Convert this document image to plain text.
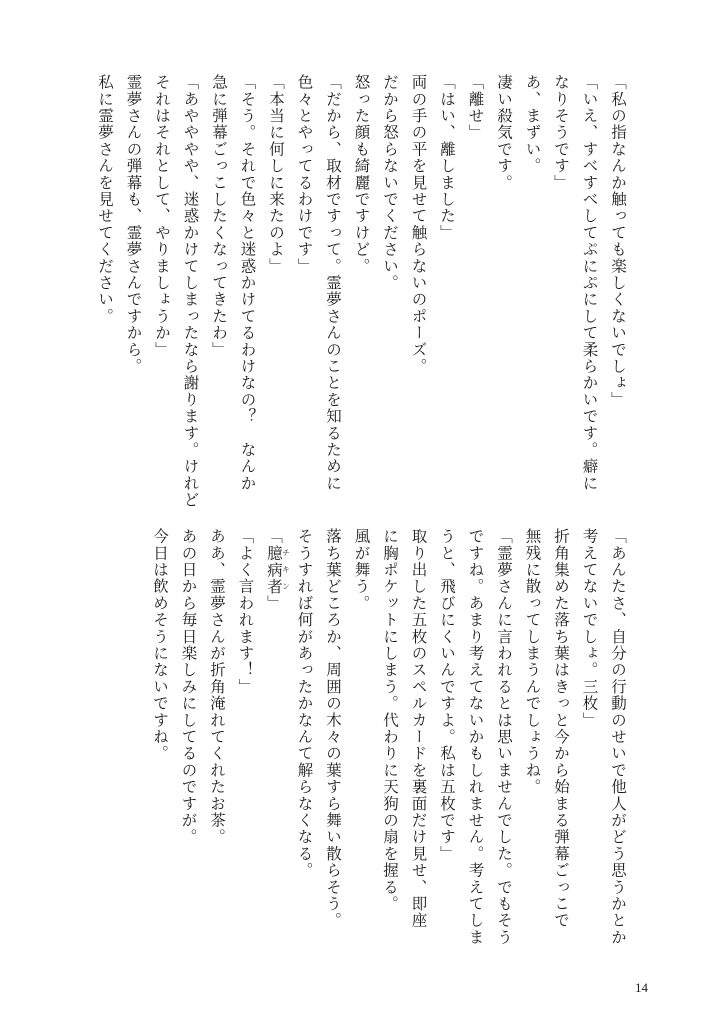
「私の指なんか触っても楽しくないでしょ」
「いえ、すべすべしてぷにぷにして柔らかいです。癖に
なりそうです」
あ、まずい。
凄い殺気です。
「離せ」
「はい、離しました」
両の手の平を見せて触らないのポーズ。
だから怒らないでください。
怒った顔も綺麗ですけど。
「だから、取材ですって。霊夢さんのことを知るために
色々とやってるわけです」
「本当に何しに来たのよ」
「そう。それで色々と迷惑かけてるわけなの？　なんか
急に弾幕ごっこしたくなってきたわ」
「あやややや、迷惑かけてしまったなら謝ります。けれど
それはそれとして、やりましょうか」
霊夢さんの弾幕も、霊夢さんですから。
私に霊夢さんを見せてください。
「あんたさ、自分の行動のせいで他人がどう思うかとか
考えてないでしょ。三枚」
折角集めた落ち葉はきっと今から始まる弾幕ごっこで
無残に散ってしまうんでしょうね。
「霊夢さんに言われるとは思いませんでした。でもそう
ですね。あまり考えてないかもしれません。考えてしま
うと、飛びにくいんですよ。私は五枚です」
取り出した五枚のスペルカードを裏面だけ見せ、即座
に胸ポケットにしまう。代わりに天狗の扇を握る。
風が舞う。
落ち葉どころか、周囲の木々の葉すら舞い散らそう。
そうすれば何があったかなんて解らなくなる。
「臆病者チキン」
「よく言われます！」
ああ、霊夢さんが折角淹れてくれたお茶。
あの日から毎日楽しみにしてるのですが。
今日は飲めそうにないですね。
14
